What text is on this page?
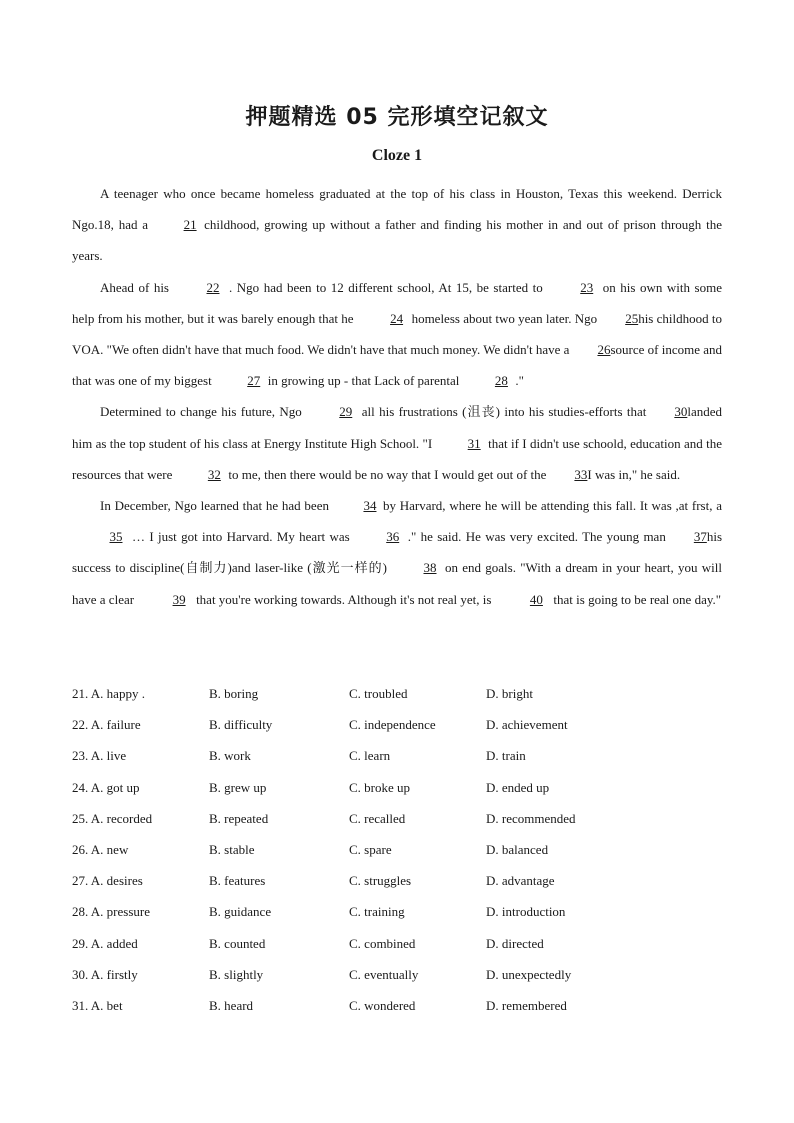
押题精选 05 完形填空记叙文
Cloze 1

A teenager who once became homeless graduated at the top of his class in Houston, Texas this weekend. Derrick Ngo.18, had a	21 childhood, growing up without a father and finding his mother in and out of prison through the years.

Ahead of his	22 . Ngo had been to 12 different school, At 15, be started to	23 on his own with some help from his mother, but it was barely enough that he	24 homeless about two yean later. Ngo 25his childhood to VOA. "We often didn't have that much food. We didn't have that much money. We didn't have a 26source of income and that was one of my biggest	27 in growing up - that Lack of parental	28 ."

Determined to change his future, Ngo	29 all his frustrations (沮丧) into his studies-efforts that 30landed him as the top student of his class at Energy Institute High School. "I	31 that if I didn't use schoold, education and the resources that were	32 to me, then there would be no way that I would get out of the 33I was in," he said.

In December, Ngo learned that he had been	34 by Harvard, where he will be attending this fall. It was ,at frst, a35 … I just got into Harvard. My heart was	36 ." he said. He was very excited. The young man 37his success to discipline(自制力)and laser-like (激光一样的)	38 on end goals. "With a dream in your heart, you will have a clear	39 that you're working towards. Although it's not real yet, is	40 that is going to be real one day."

21. A. happy .	B. boring	C. troubled	D. bright
22. A. failure	B. difficulty	C. independence	D. achievement
23. A. live	B. work	C. learn	D. train
24. A. got up	B. grew up	C. broke up	D. ended up
25. A. recorded	B. repeated	C. recalled	D. recommended
26. A. new	B. stable	C. spare	D. balanced
27. A. desires	B. features	C. struggles	D. advantage
28. A. pressure	B. guidance	C. training	D. introduction
29. A. added	B. counted	C. combined	D. directed
30. A. firstly	B. slightly	C. eventually	D. unexpectedly
31. A. bet	B. heard	C. wondered	D. remembered
